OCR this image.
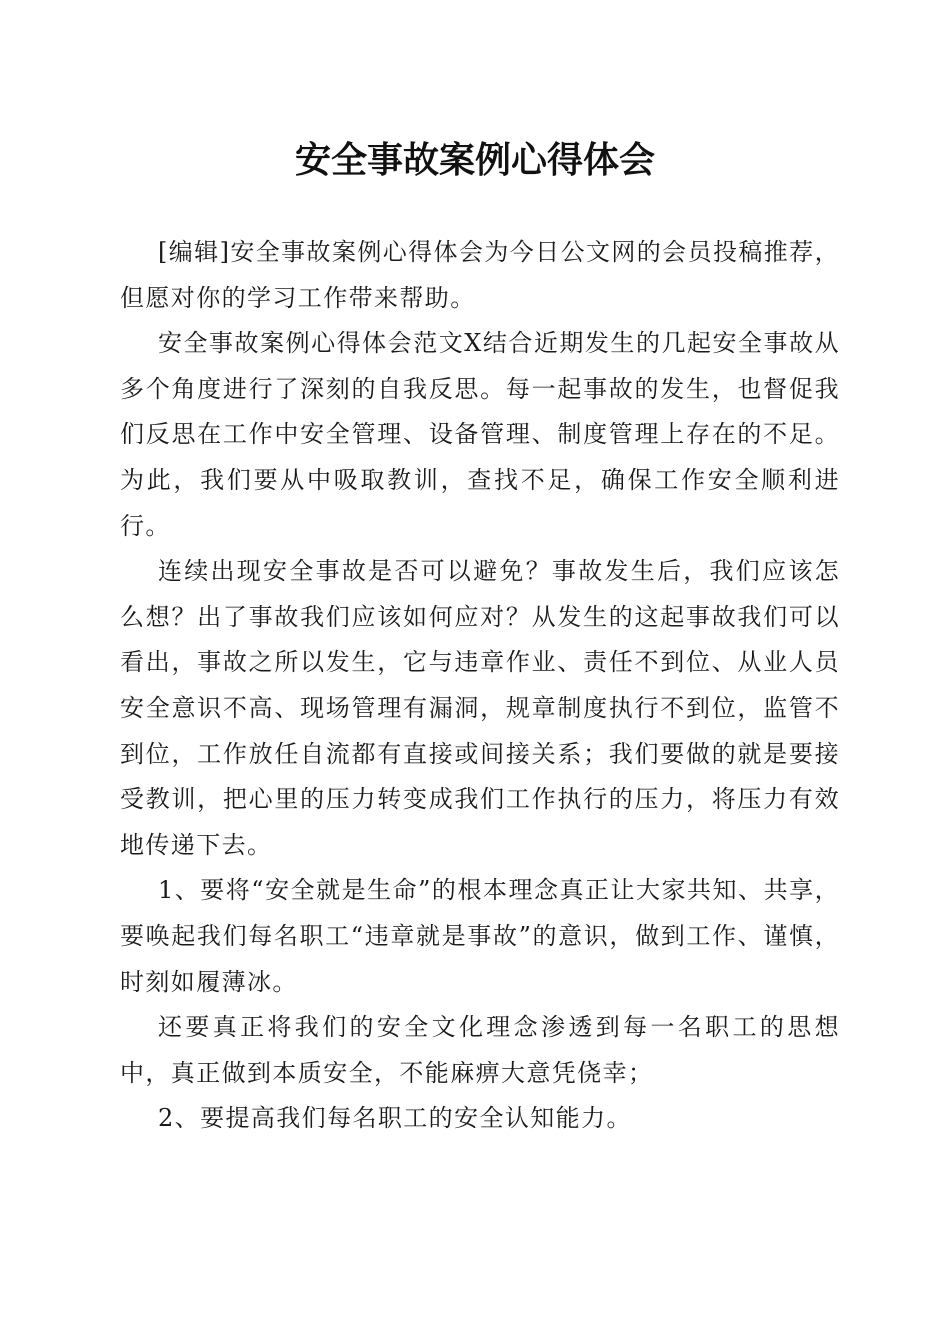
安全事故案例心得体会

[编辑]安全事故案例心得体会为今日公文网的会员投稿推荐，但愿对你的学习工作带来帮助。

安全事故案例心得体会范文X结合近期发生的几起安全事故从多个角度进行了深刻的自我反思。每一起事故的发生，也督促我们反思在工作中安全管理、设备管理、制度管理上存在的不足。为此，我们要从中吸取教训，查找不足，确保工作安全顺利进行。

连续出现安全事故是否可以避免？事故发生后，我们应该怎么想？出了事故我们应该如何应对？从发生的这起事故我们可以看出，事故之所以发生，它与违章作业、责任不到位、从业人员安全意识不高、现场管理有漏洞，规章制度执行不到位，监管不到位，工作放任自流都有直接或间接关系；我们要做的就是要接受教训，把心里的压力转变成我们工作执行的压力，将压力有效地传递下去。

1、要将“安全就是生命”的根本理念真正让大家共知、共享，要唤起我们每名职工“违章就是事故”的意识，做到工作、谨慎，时刻如履薄冰。

还要真正将我们的安全文化理念渗透到每一名职工的思想中，真正做到本质安全，不能麻痹大意凭侥幸；

2、要提高我们每名职工的安全认知能力。
